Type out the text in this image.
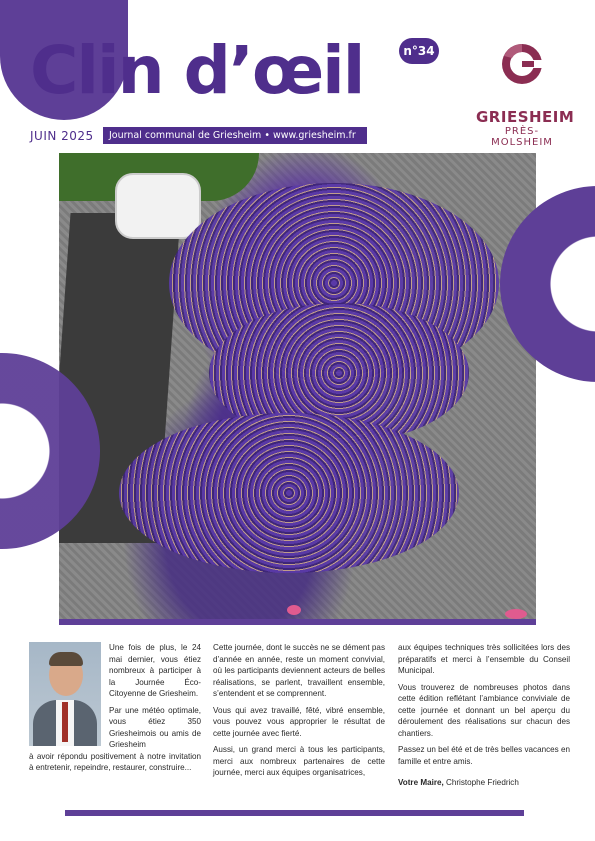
Clin d’œil	n°34
JUIN 2025	Journal communal de Griesheim • www.griesheim.fr
GRIESHEIM
PRÈS-MOLSHEIM

Une fois de plus, le 24 mai dernier, vous étiez nombreux à participer à la Journée Éco-Citoyenne de Griesheim.

Par une météo optimale, vous étiez 350 Griesheimois ou amis de Griesheim

à avoir répondu positivement à notre invitation à entretenir, repeindre, restaurer, construire...

Cette journée, dont le succès ne se dément pas d’année en année, reste un moment convivial, où les participants deviennent acteurs de belles réalisations, se parlent, travaillent ensemble, s’entendent et se comprennent.

Vous qui avez travaillé, fêté, vibré ensemble, vous pouvez vous approprier le résultat de cette journée avec fierté.

Aussi, un grand merci à tous les participants, merci aux nombreux partenaires de cette journée, merci aux équipes organisatrices,

aux équipes techniques très sollicitées lors des préparatifs et merci à l’ensemble du Conseil Municipal.

Vous trouverez de nombreuses photos dans cette édition reflétant l’ambiance conviviale de cette journée et donnant un bel aperçu du déroulement des réalisations sur chacun des chantiers.

Passez un bel été et de très belles vacances en famille et entre amis.

Votre Maire, Christophe Friedrich
